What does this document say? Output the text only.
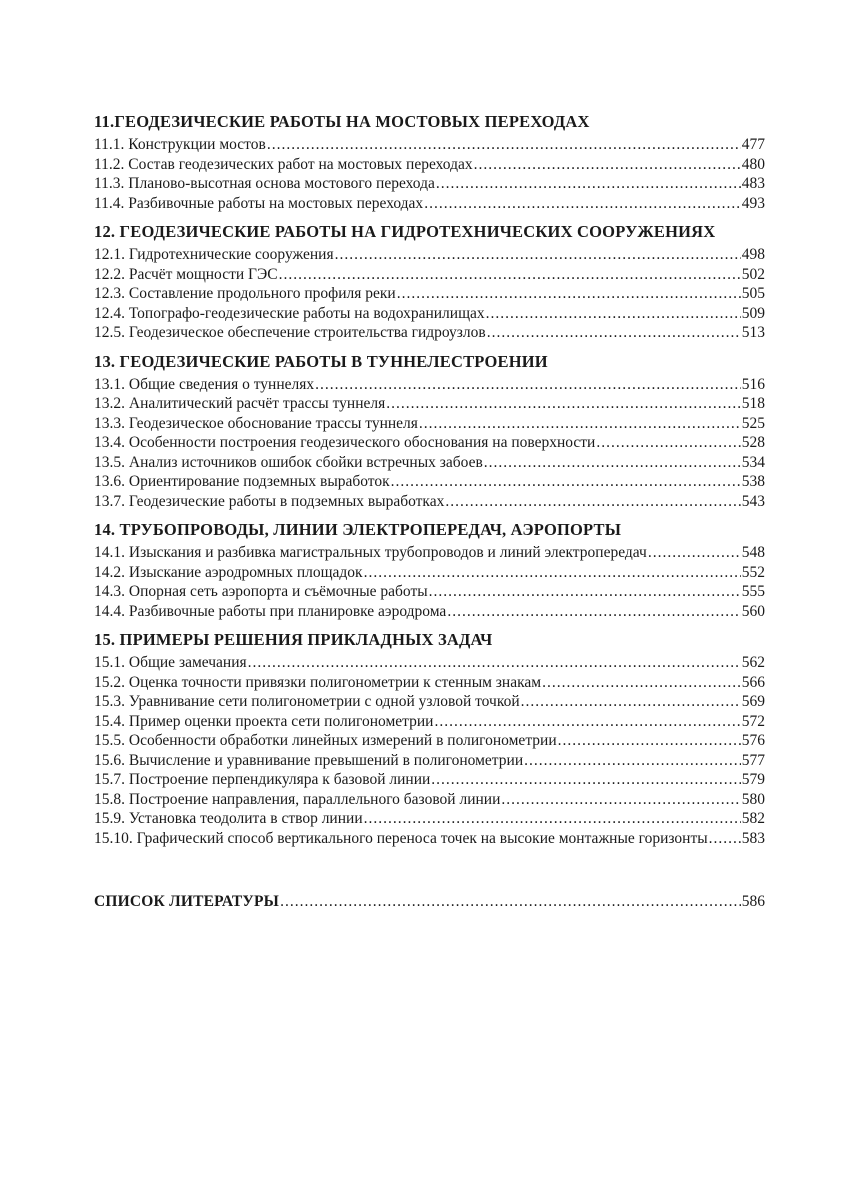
11.ГЕОДЕЗИЧЕСКИЕ РАБОТЫ НА МОСТОВЫХ ПЕРЕХОДАХ
11.1. Конструкции мостов .....	477
11.2. Состав геодезических работ на мостовых переходах .....	480
11.3. Планово-высотная основа мостового перехода .....	483
11.4. Разбивочные работы на мостовых переходах .....	493
12. ГЕОДЕЗИЧЕСКИЕ РАБОТЫ НА ГИДРОТЕХНИЧЕСКИХ СООРУЖЕНИЯХ
12.1. Гидротехнические сооружения .....	498
12.2. Расчёт мощности ГЭС .....	502
12.3. Составление продольного профиля реки .....	505
12.4. Топографо-геодезические работы на водохранилищах .....	509
12.5. Геодезическое обеспечение строительства гидроузлов .....	513
13. ГЕОДЕЗИЧЕСКИЕ РАБОТЫ В ТУННЕЛЕСТРОЕНИИ
13.1. Общие сведения о туннелях .....	516
13.2. Аналитический расчёт трассы туннеля .....	518
13.3. Геодезическое обоснование трассы туннеля .....	525
13.4. Особенности построения геодезического обоснования на поверхности .....	528
13.5. Анализ источников ошибок сбойки встречных забоев .....	534
13.6. Ориентирование подземных выработок .....	538
13.7. Геодезические работы в подземных выработках .....	543
14. ТРУБОПРОВОДЫ, ЛИНИИ ЭЛЕКТРОПЕРЕДАЧ, АЭРОПОРТЫ
14.1. Изыскания и разбивка магистральных трубопроводов и линий электропередач .....	548
14.2. Изыскание аэродромных площадок .....	552
14.3. Опорная сеть аэропорта и съёмочные работы .....	555
14.4. Разбивочные работы при планировке аэродрома .....	560
15. ПРИМЕРЫ РЕШЕНИЯ ПРИКЛАДНЫХ ЗАДАЧ
15.1. Общие замечания .....	562
15.2. Оценка точности привязки полигонометрии к стенным знакам .....	566
15.3. Уравнивание сети полигонометрии с одной узловой точкой .....	569
15.4. Пример оценки проекта сети полигонометрии .....	572
15.5. Особенности обработки линейных измерений в полигонометрии .....	576
15.6. Вычисление и уравнивание превышений в полигонометрии .....	577
15.7. Построение перпендикуляра к базовой линии .....	579
15.8. Построение направления, параллельного базовой линии .....	580
15.9. Установка теодолита в створ линии .....	582
15.10. Графический способ вертикального переноса точек на высокие монтажные горизонты ..... 583
СПИСОК ЛИТЕРАТУРЫ .....	586
